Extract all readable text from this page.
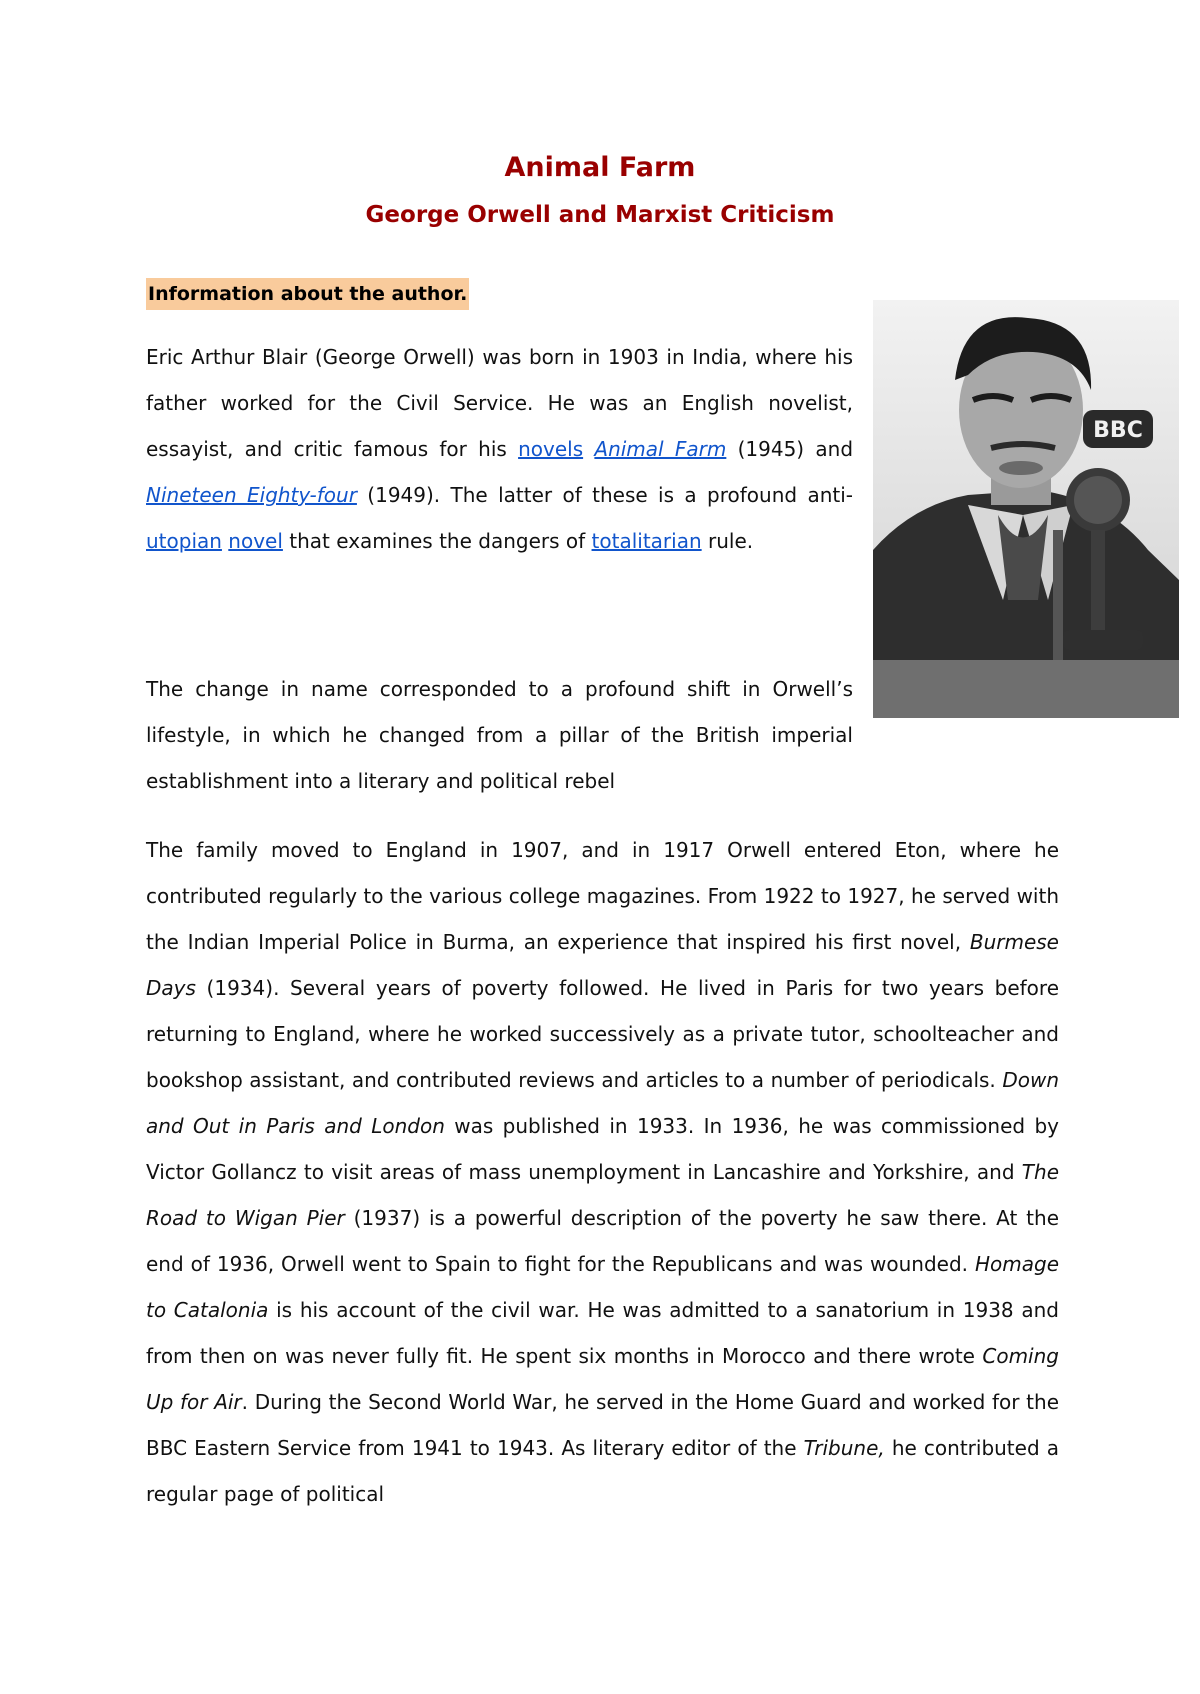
Animal Farm
George Orwell and Marxist Criticism
Information about the author.

Eric Arthur Blair (George Orwell) was born in 1903 in India, where his father worked for the Civil Service. He was an English novelist, essayist, and critic famous for his novels Animal Farm (1945) and Nineteen Eighty-four (1949). The latter of these is a profound anti-utopian novel that examines the dangers of totalitarian rule.

The change in name corresponded to a profound shift in Orwell’s lifestyle, in which he changed from a pillar of the British imperial establishment into a literary and political rebel

The family moved to England in 1907, and in 1917 Orwell entered Eton, where he contributed regularly to the various college magazines. From 1922 to 1927, he served with the Indian Imperial Police in Burma, an experience that inspired his first novel, Burmese Days (1934). Several years of poverty followed. He lived in Paris for two years before returning to England, where he worked successively as a private tutor, schoolteacher and bookshop assistant, and contributed reviews and articles to a number of periodicals. Down and Out in Paris and London was published in 1933. In 1936, he was commissioned by Victor Gollancz to visit areas of mass unemployment in Lancashire and Yorkshire, and The Road to Wigan Pier (1937) is a powerful description of the poverty he saw there. At the end of 1936, Orwell went to Spain to fight for the Republicans and was wounded. Homage to Catalonia is his account of the civil war. He was admitted to a sanatorium in 1938 and from then on was never fully fit. He spent six months in Morocco and there wrote Coming Up for Air. During the Second World War, he served in the Home Guard and worked for the BBC Eastern Service from 1941 to 1943. As literary editor of the Tribune, he contributed a regular page of political

BBC
